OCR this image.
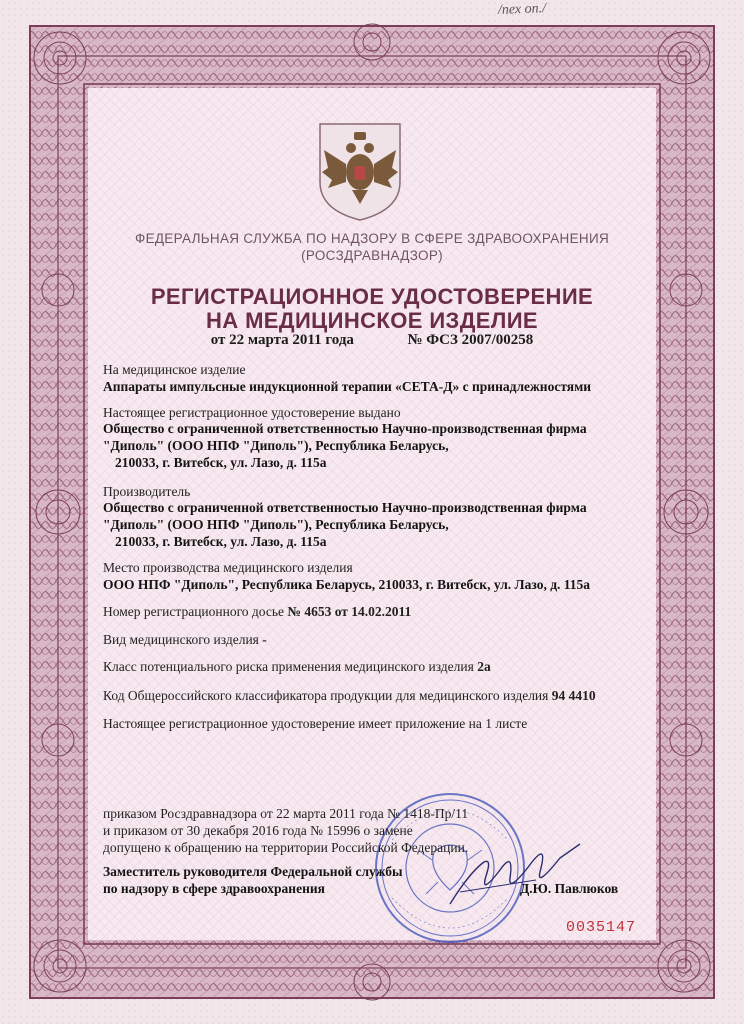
/пех оп./
ФЕДЕРАЛЬНАЯ СЛУЖБА ПО НАДЗОРУ В СФЕРЕ ЗДРАВООХРАНЕНИЯ
(РОСЗДРАВНАДЗОР)
РЕГИСТРАЦИОННОЕ УДОСТОВЕРЕНИЕ
НА МЕДИЦИНСКОЕ ИЗДЕЛИЕ
от 22 марта 2011 года	№ ФСЗ 2007/00258
На медицинское изделие
Аппараты импульсные индукционной терапии «СЕТА-Д» с принадлежностями
Настоящее регистрационное удостоверение выдано
Общество с ограниченной ответственностью Научно-производственная фирма
"Диполь" (ООО НПФ "Диполь"), Республика Беларусь,
210033, г. Витебск, ул. Лазо, д. 115а
Производитель
Общество с ограниченной ответственностью Научно-производственная фирма
"Диполь" (ООО НПФ "Диполь"), Республика Беларусь,
210033, г. Витебск, ул. Лазо, д. 115а
Место производства медицинского изделия
ООО НПФ "Диполь", Республика Беларусь, 210033, г. Витебск, ул. Лазо, д. 115а
Номер регистрационного досье № 4653 от 14.02.2011
Вид медицинского изделия -
Класс потенциального риска применения медицинского изделия 2а
Код Общероссийского классификатора продукции для медицинского изделия 94 4410
Настоящее регистрационное удостоверение имеет приложение на 1 листе
приказом Росздравнадзора от 22 марта 2011 года № 1418-Пр/11
и приказом от 30 декабря 2016 года № 15996 о замене
допущено к обращению на территории Российской Федерации.
Заместитель руководителя Федеральной службы
по надзору в сфере здравоохранения	Д.Ю. Павлюков
0035147
